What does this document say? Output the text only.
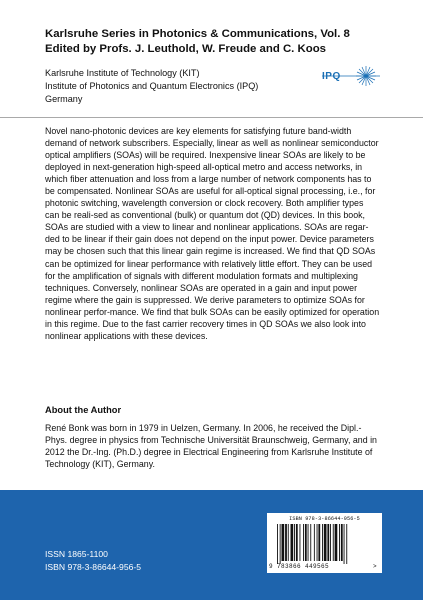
Karlsruhe Series in Photonics & Communications, Vol. 8
Edited by Profs. J. Leuthold, W. Freude and C. Koos
Karlsruhe Institute of Technology (KIT)
Institute of Photonics and Quantum Electronics (IPQ)
Germany
IPQ

Novel nano-photonic devices are key elements for satisfying future band-width demand of network subscribers. Especially, linear as well as nonlinear semiconductor optical amplifiers (SOAs) will be required. Inexpensive linear SOAs are likely to be deployed in next-generation high-speed all-optical metro and access networks, in which fiber attenuation and loss from a large number of network components has to be compensated. Nonlinear SOAs are useful for all-optical signal processing, i.e., for photonic switching, wavelength conversion or clock recovery. Both amplifier types can be reali-sed as conventional (bulk) or quantum dot (QD) devices. In this book, SOAs are studied with a view to linear and nonlinear applications. SOAs are regar-ded to be linear if their gain does not depend on the input power. Device parameters may be chosen such that this linear gain regime is increased. We find that QD SOAs can be optimized for linear performance with relatively little effort. They can be used for the amplification of signals with different modulation formats and multiplexing techniques. Conversely, nonlinear SOAs are operated in a gain and input power regime where the gain is suppressed. We derive parameters to optimize SOAs for nonlinear perfor-mance. We find that bulk SOAs can be easily optimized for operation in this regime. Due to the fast carrier recovery times in QD SOAs we also look into nonlinear applications with these devices.

About the Author

René Bonk was born in 1979 in Uelzen, Germany. In 2006, he received the Dipl.-Phys. degree in physics from Technische Universität Braunschweig, Germany, and in 2012 the Dr.-Ing. (Ph.D.) degree in Electrical Engineering from Karlsruhe Institute of Technology (KIT), Germany.

ISSN 1865-1100
ISBN 978-3-86644-956-5
ISBN 978-3-86644-956-5
9 783866 449565	>
